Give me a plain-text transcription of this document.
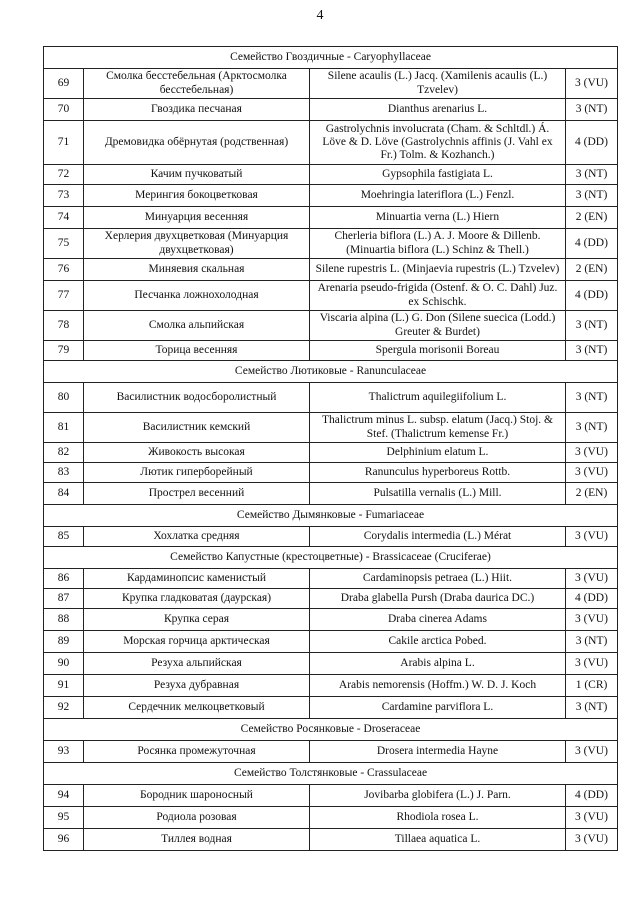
4
Семейство Гвоздичные - Caryophyllaceae			
69	Смолка бесстебельная (Арктосмолка бесстебельная)	Silene acaulis (L.) Jacq. (Xamilenis acaulis (L.) Tzvelev)	3 (VU)
70	Гвоздика песчаная	Dianthus arenarius L.	3 (NT)
71	Дремовидка обёрнутая (родственная)	Gastrolychnis involucrata (Cham. & Schltdl.) Á. Löve & D. Löve (Gastrolychnis affinis (J. Vahl ex Fr.) Tolm. & Kozhanch.)	4 (DD)
72	Качим пучковатый	Gypsophila fastigiata L.	3 (NT)
73	Мерингия бокоцветковая	Moehringia lateriflora (L.) Fenzl.	3 (NT)
74	Минуарция весенняя	Minuartia verna (L.) Hiern	2 (EN)
75	Херлерия двухцветковая (Минуарция двухцветковая)	Cherleria biflora (L.) A. J. Moore & Dillenb. (Minuartia biflora (L.) Schinz & Thell.)	4 (DD)
76	Миняевия скальная	Silene rupestris L. (Minjaevia rupestris (L.) Tzvelev)	2 (EN)
77	Песчанка ложнохолодная	Arenaria pseudo-frigida (Ostenf. & O. C. Dahl) Juz. ex Schischk.	4 (DD)
78	Смолка альпийская	Viscaria alpina (L.) G. Don (Silene suecica (Lodd.) Greuter & Burdet)	3 (NT)
79	Торица весенняя	Spergula morisonii Boreau	3 (NT)
Семейство Лютиковые - Ranunculaceae			
80	Василистник водосборолистный	Thalictrum aquilegiifolium L.	3 (NT)
81	Василистник кемский	Thalictrum minus L. subsp. elatum (Jacq.) Stoj. & Stef. (Thalictrum kemense Fr.)	3 (NT)
82	Живокость высокая	Delphinium elatum L.	3 (VU)
83	Лютик гиперборейный	Ranunculus hyperboreus Rottb.	3 (VU)
84	Прострел весенний	Pulsatilla vernalis (L.) Mill.	2 (EN)
Семейство Дымянковые - Fumariaceae			
85	Хохлатка средняя	Corydalis intermedia (L.) Mérat	3 (VU)
Семейство Капустные (крестоцветные) - Brassicaceae (Cruciferae)			
86	Кардаминопсис каменистый	Cardaminopsis petraea (L.) Hiit.	3 (VU)
87	Крупка гладковатая (даурская)	Draba glabella Pursh (Draba daurica DC.)	4 (DD)
88	Крупка серая	Draba cinerea Adams	3 (VU)
89	Морская горчица арктическая	Cakile arctica Pobed.	3 (NT)
90	Резуха альпийская	Arabis alpina L.	3 (VU)
91	Резуха дубравная	Arabis nemorensis (Hoffm.) W. D. J. Koch	1 (CR)
92	Сердечник мелкоцветковый	Cardamine parviflora L.	3 (NT)
Семейство Росянковые - Droseraceae			
93	Росянка промежуточная	Drosera intermedia Hayne	3 (VU)
Семейство Толстянковые - Crassulaceae			
94	Бородник шароносный	Jovibarba globifera (L.) J. Parn.	4 (DD)
95	Родиола розовая	Rhodiola rosea L.	3 (VU)
96	Тиллея водная	Tillaea aquatica L.	3 (VU)
